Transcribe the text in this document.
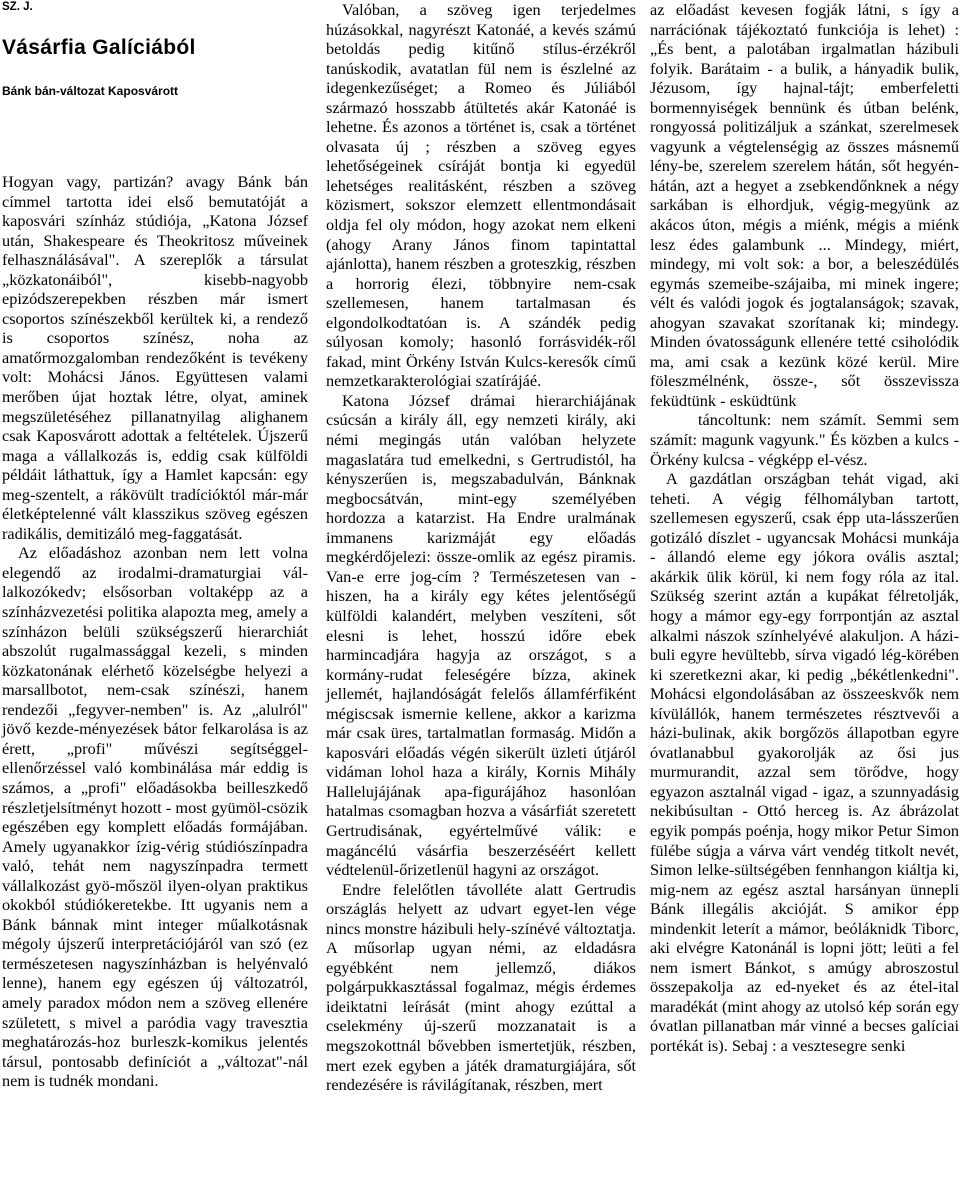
SZ. J.

Vásárfia Galíciából

Bánk bán-változat Kaposvárott

Hogyan vagy, partizán? avagy Bánk bán címmel tartotta idei első bemutatóját a kaposvári színház stúdiója, „Katona József után, Shakespeare és Theokritosz műveinek felhasználásával". A szereplők a társulat „közkatonáiból", kisebb-nagyobb epizódszerepekben részben már ismert csoportos színészekből kerültek ki, a rendező is csoportos színész, noha az amatőrmozgalomban rendezőként is tevékeny volt: Mohácsi János. Együttesen valami merőben újat hoztak létre, olyat, aminek megszületéséhez pillanatnyilag alighanem csak Kaposvárott adottak a feltételek. Újszerű maga a vállalkozás is, eddig csak külföldi példáit láthattuk, így a Hamlet kapcsán: egy meg-szentelt, a rákövült tradícióktól már-már életképtelenné vált klasszikus szöveg egészen radikális, demitizáló meg-faggatását.

Az előadáshoz azonban nem lett volna elegendő az irodalmi-dramaturgiai vál-lalkozókedv; elsősorban voltaképp az a színházvezetési politika alapozta meg, amely a színházon belüli szükségszerű hierarchiát abszolút rugalmassággal kezeli, s minden közkatonának elérhető közelségbe helyezi a marsallbotot, nem-csak színészi, hanem rendezői „fegyver-nemben" is. Az „alulról" jövő kezde-ményezések bátor felkarolása is az érett, „profi" művészi segítséggel-ellenőrzéssel való kombinálása már eddig is számos, a „profi" előadásokba beilleszkedő részletjelsítményt hozott - most gyümöl-csözik egészében egy komplett előadás formájában. Amely ugyanakkor ízig-vérig stúdiószínpadra való, tehát nem nagyszínpadra termett vállalkozást gyö-mőszöl ilyen-olyan praktikus okokból stúdiókeretekbe. Itt ugyanis nem a Bánk bánnak mint integer műalkotásnak mégoly újszerű interpretációjáról van szó (ez természetesen nagyszínházban is helyénvaló lenne), hanem egy egészen új változatról, amely paradox módon nem a szöveg ellenére született, s mivel a paródia vagy travesztia meghatározás-hoz burleszk-komikus jelentés társul, pontosabb definíciót a „változat"-nál nem is tudnék mondani.

Valóban, a szöveg igen terjedelmes húzásokkal, nagyrészt Katonáé, a kevés számú betoldás pedig kitűnő stílus-érzékről tanúskodik, avatatlan fül nem is észlelné az idegenkezűséget; a Romeo és Júliából származó hosszabb átültetés akár Katonáé is lehetne. És azonos a történet is, csak a történet olvasata új ; részben a szöveg egyes lehetőségeinek csíráját bontja ki egyedül lehetséges realitásként, részben a szöveg közismert, sokszor elemzett ellentmondásait oldja fel oly módon, hogy azokat nem elkeni (ahogy Arany János finom tapintattal ajánlotta), hanem részben a groteszkig, részben a horrorig élezi, többnyire nem-csak szellemesen, hanem tartalmasan és elgondolkodtatóan is. A szándék pedig súlyosan komoly; hasonló forrásvidék-ről fakad, mint Örkény István Kulcs-keresők című nemzetkarakterológiai szatírájáé.

Katona József drámai hierarchiájának csúcsán a király áll, egy nemzeti király, aki némi megingás után valóban helyzete magaslatára tud emelkedni, s Gertrudistól, ha kényszerűen is, megszabadulván, Bánknak megbocsátván, mint-egy személyében hordozza a katarzist. Ha Endre uralmának immanens karizmáját egy előadás megkérdőjelezi: össze-omlik az egész piramis. Van-e erre jog-cím ? Természetesen van - hiszen, ha a király egy kétes jelentőségű külföldi kalandért, melyben veszíteni, sőt elesni is lehet, hosszú időre ebek harmincadjára hagyja az országot, s a kormány-rudat feleségére bízza, akinek jellemét, hajlandóságát felelős államférfiként mégiscsak ismernie kellene, akkor a karizma már csak üres, tartalmatlan formaság. Midőn a kaposvári előadás végén sikerült üzleti útjáról vidáman lohol haza a király, Kornis Mihály Hallelujájának apa-figurájához hasonlóan hatalmas csomagban hozva a vásárfiát szeretett Gertrudisának, egyértelművé válik: e magáncélú vásárfia beszerzéséért kellett védtelenül-őrizetlenül hagyni az országot.

Endre felelőtlen távolléte alatt Gertrudis országlás helyett az udvart egyet-len vége nincs monstre házibuli hely-színévé változtatja. A műsorlap ugyan némi, az eldadásra egyébként nem jellemző, diákos polgárpukkasztással fogalmaz, mégis érdemes ideiktatni leírását (mint ahogy ezúttal a cselekmény új-szerű mozzanatait is a megszokottnál bővebben ismertetjük, részben, mert ezek egyben a játék dramaturgiájára, sőt rendezésére is rávilágítanak, részben, mert

az előadást kevesen fogják látni, s így a narrációnak tájékoztató funkciója is lehet) : „És bent, a palotában irgalmatlan házibuli folyik. Barátaim - a bulik, a hányadik bulik, Jézusom, így hajnal-tájt; emberfeletti bormennyiségek bennünk és útban belénk, rongyossá politizáljuk a szánkat, szerelmesek vagyunk a végtelenségig az összes másnemű lény-be, szerelem szerelem hátán, sőt hegyén-hátán, azt a hegyet a zsebkendőnknek a négy sarkában is elhordjuk, végig-megyünk az akácos úton, mégis a miénk, mégis a miénk lesz édes galambunk ... Mindegy, miért, mindegy, mi volt sok: a bor, a beleszédülés egymás szemeibe-szájaiba, mi minek ingere; vélt és valódi jogok és jogtalanságok; szavak, ahogyan szavakat szorítanak ki; mindegy. Minden óvatosságunk ellenére tetté csiholódik ma, ami csak a kezünk közé kerül. Mire föleszmélnénk, össze-, sőt összevissza feküdtünk - esküdtünk

táncoltunk: nem számít. Semmi sem számít: magunk vagyunk." És közben a kulcs - Örkény kulcsa - végképp el-vész.

A gazdátlan országban tehát vigad, aki teheti. A végig félhomályban tartott, szellemesen egyszerű, csak épp uta-lásszerűen gotizáló díszlet - ugyancsak Mohácsi munkája - állandó eleme egy jókora ovális asztal; akárkik ülik körül, ki nem fogy róla az ital. Szükség szerint aztán a kupákat félretolják, hogy a mámor egy-egy forrpontján az asztal alkalmi nászok színhelyévé alakuljon. A házi-buli egyre hevültebb, sírva vigadó lég-körében ki szeretkezni akar, ki pedig „békétlenkedni". Mohácsi elgondolásában az összeeskvők nem kívülállók, hanem természetes résztvevői a házi-bulinak, akik borgőzös állapotban egyre óvatlanabbul gyakorolják az ősi jus murmurandit, azzal sem törődve, hogy egyazon asztalnál vigad - igaz, a szunnyadásig nekibúsultan - Ottó herceg is. Az ábrázolat egyik pompás poénja, hogy mikor Petur Simon fülébe súgja a várva várt vendég titkolt nevét, Simon lelke-sültségében fennhangon kiáltja ki, mig-nem az egész asztal harsányan ünnepli Bánk illegális akcióját. S amikor épp mindenkit leterít a mámor, beóláknidk Tiborc, aki elvégre Katonánál is lopni jött; leüti a fel nem ismert Bánkot, s amúgy abroszostul összepakolja az ed-nyeket és az étel-ital maradékát (mint ahogy az utolsó kép során egy óvatlan pillanatban már vinné a becses galíciai portékát is). Sebaj : a vesztesegre senki
